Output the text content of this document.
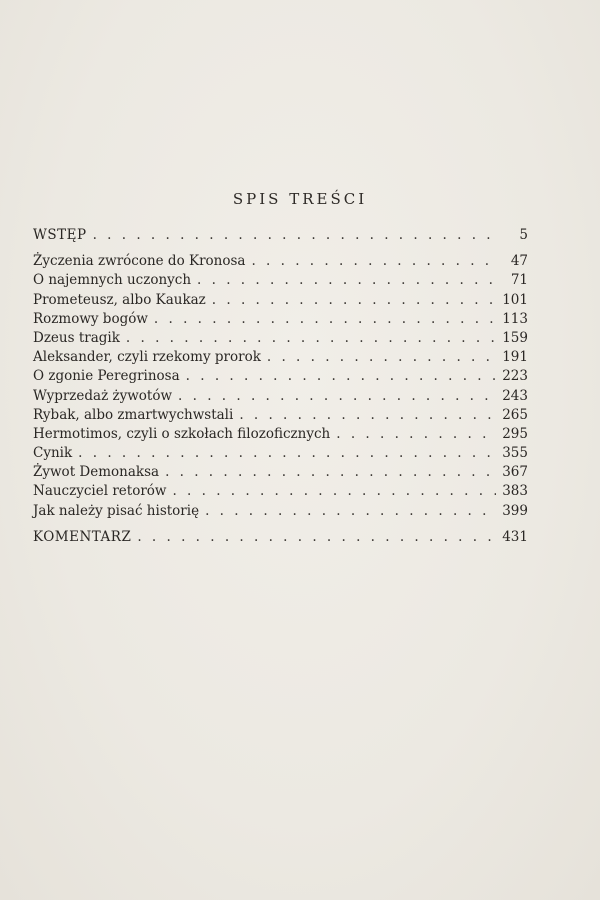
SPIS TREŚCI
WSTĘP . . .	5
Życzenia zwrócone do Kronosa . . .	47
O najemnych uczonych . . .	71
Prometeusz, albo Kaukaz . . .	101
Rozmowy bogów . . .	113
Dzeus tragik . . .	159
Aleksander, czyli rzekomy prorok . . .	191
O zgonie Peregrinosa . . .	223
Wyprzedaż żywotów . . .	243
Rybak, albo zmartwychwstali . . .	265
Hermotimos, czyli o szkołach filozoficznych . . .	295
Cynik . . .	355
Żywot Demonaksa . . .	367
Nauczyciel retorów . . .	383
Jak należy pisać historię . . .	399
KOMENTARZ . . .	431
